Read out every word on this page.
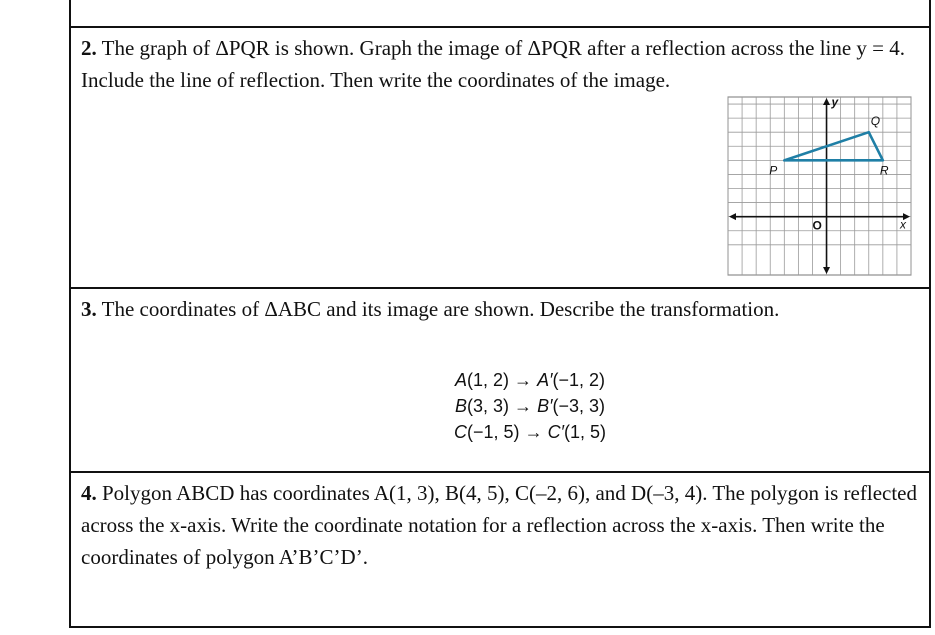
2. The graph of ΔPQR is shown. Graph the image of ΔPQR after a reflection across the line y = 4. Include the line of reflection. Then write the coordinates of the image.

P
Q
R
x
y
O

3. The coordinates of ΔABC and its image are shown. Describe the transformation.

A(1, 2) → A′(−1, 2)
B(3, 3) → B′(−3, 3)
C(−1, 5) → C′(1, 5)

4. Polygon ABCD has coordinates A(1, 3), B(4, 5), C(–2, 6), and D(–3, 4). The polygon is reflected across the x-axis. Write the coordinate notation for a reflection across the x-axis. Then write the coordinates of polygon A’B’C’D’.
